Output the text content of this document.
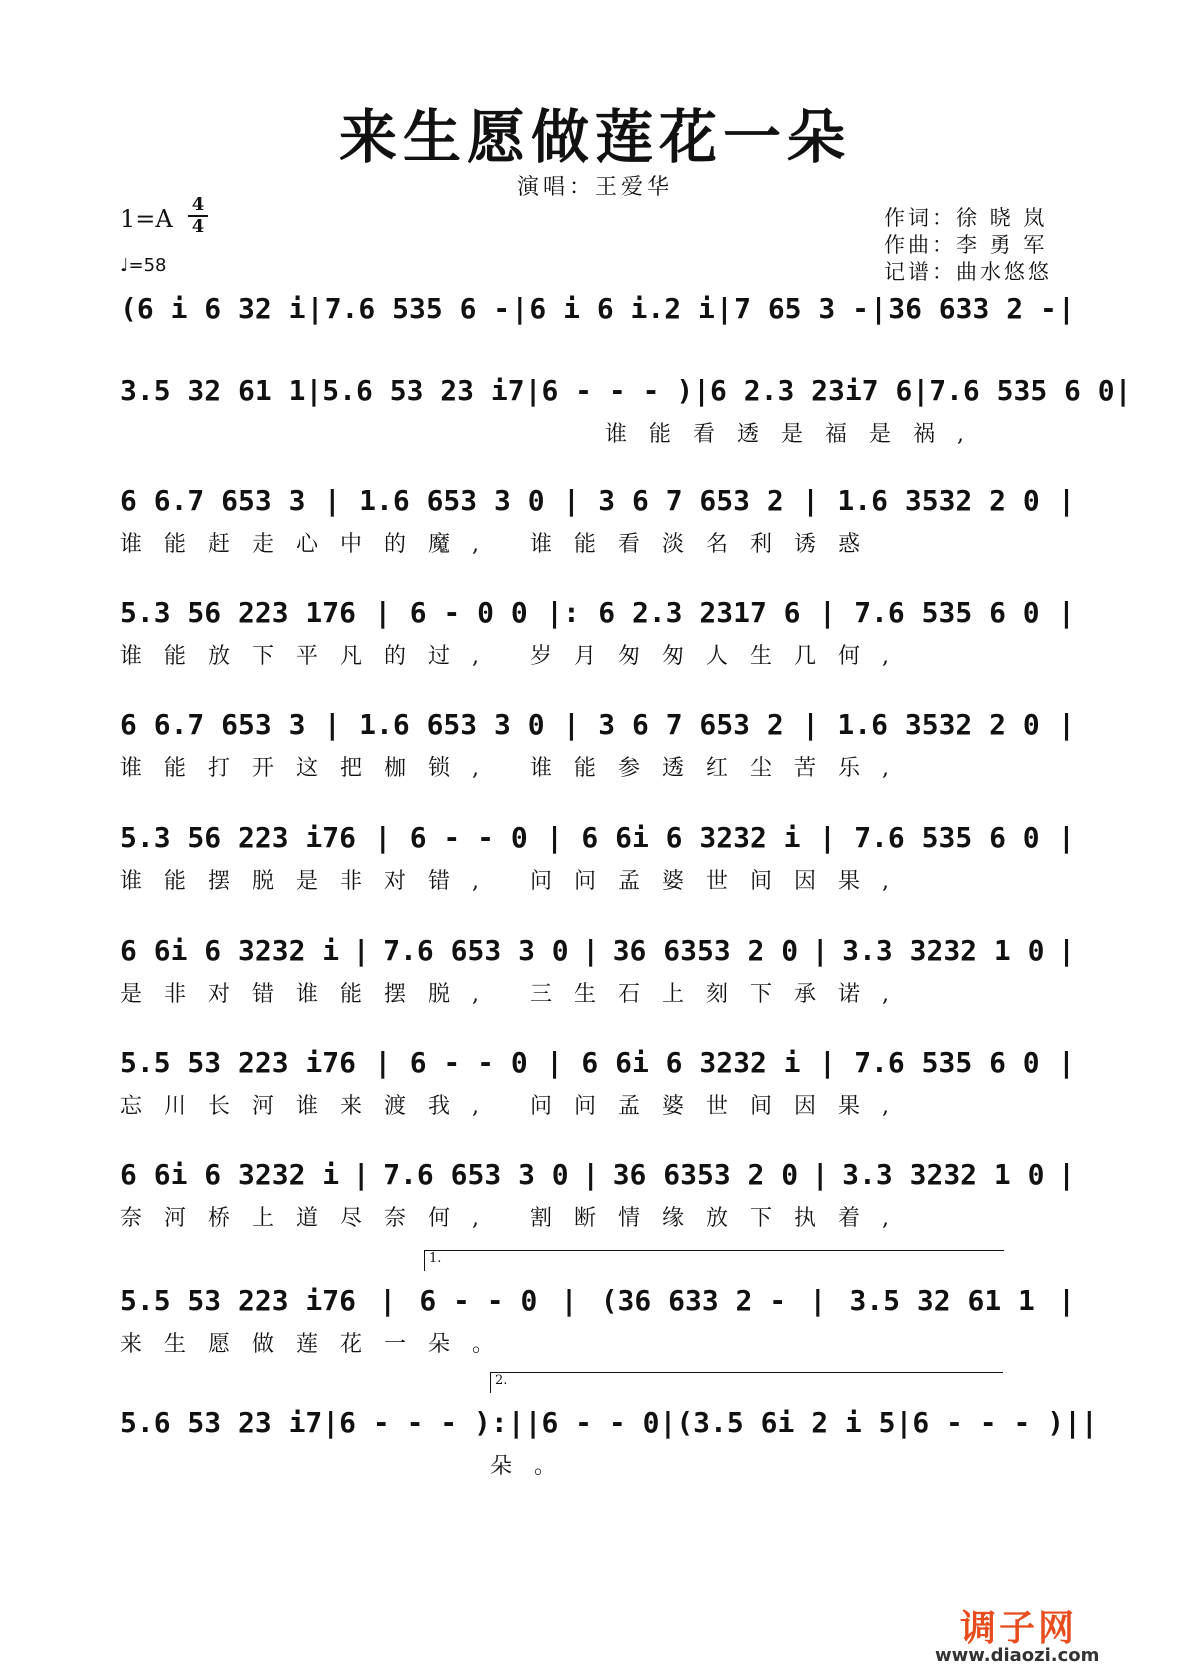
来生愿做莲花一朵
演唱：王爱华
1=A
4
4
♩=58
作词：徐 晓 岚
作曲：李 勇 军
记谱：曲水悠悠
(6 i 6 32 i | 7.6 535 6 - | 6 i 6 i.2 i | 7 65 3 - | 36 633 2 - |
3.5 32 61 1 | 5.6 53 23 i7 | 6 - - - ) | 6 2.3 23i7 6 | 7.6 535 6 0 |
谁能看透是福是祸,
6 6.7 653 3 | 1.6 653 3 0 | 3 6 7 653 2 | 1.6 3532 2 0 |
谁能赶走心中的魔, 谁能看淡名利诱惑
5.3 56 223 176 | 6 - 0 0 |: 6 2.3 2317 6 | 7.6 535 6 0 |
谁能放下平凡的过, 岁月匆匆人生几何,
6 6.7 653 3 | 1.6 653 3 0 | 3 6 7 653 2 | 1.6 3532 2 0 |
谁能打开这把枷锁, 谁能参透红尘苦乐,
5.3 56 223 i76 | 6 - - 0 | 6 6i 6 3232 i | 7.6 535 6 0 |
谁能摆脱是非对错, 问问孟婆世间因果,
6 6i 6 3232 i | 7.6 653 3 0 | 36 6353 2 0 | 3.3 3232 1 0 |
是非对错谁能摆脱, 三生石上刻下承诺,
5.5 53 223 i76 | 6 - - 0 | 6 6i 6 3232 i | 7.6 535 6 0 |
忘川长河谁来渡我, 问问孟婆世间因果,
6 6i 6 3232 i | 7.6 653 3 0 | 36 6353 2 0 | 3.3 3232 1 0 |
奈河桥上道尽奈何, 割断情缘放下执着,
5.5 53 223 i76 | 6 - - 0 | (36 633 2 - | 3.5 32 61 1 |
来生愿做莲花一朵。
5.6 53 23 i7 | 6 - - - ): || 6 - - 0 | (3.5 6i 2 i 5 | 6 - - - ) ||
朵。
1.
2.
调子网
www.diaozi.com
